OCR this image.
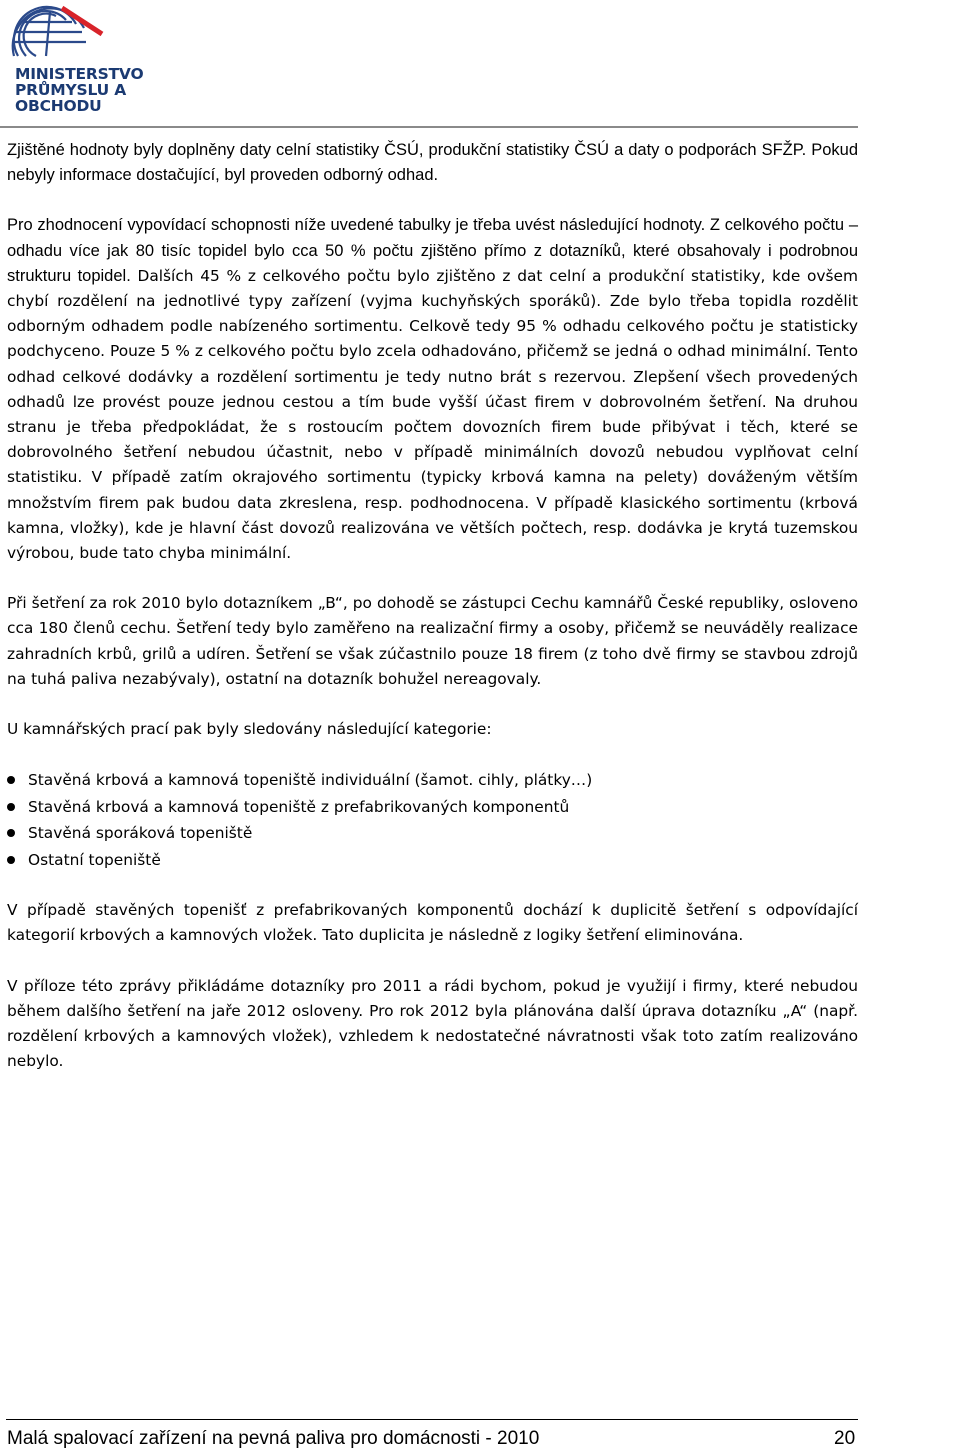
MINISTERSTVO
PRŮMYSLU A OBCHODU

Zjištěné hodnoty byly doplněny daty celní statistiky ČSÚ, produkční statistiky ČSÚ a daty o podporách SFŽP. Pokud nebyly informace dostačující, byl proveden odborný odhad.

Pro zhodnocení vypovídací schopnosti níže uvedené tabulky je třeba uvést následující hodnoty. Z celkového počtu – odhadu více jak 80 tisíc topidel bylo cca 50 % počtu zjištěno přímo z dotazníků, které obsahovaly i podrobnou strukturu topidel. Dalších 45 % z celkového počtu bylo zjištěno z dat celní a produkční statistiky, kde ovšem chybí rozdělení na jednotlivé typy zařízení (vyjma kuchyňských sporáků). Zde bylo třeba topidla rozdělit odborným odhadem podle nabízeného sortimentu. Celkově tedy 95 % odhadu celkového počtu je statisticky podchyceno. Pouze 5 % z celkového počtu bylo zcela odhadováno, přičemž se jedná o odhad minimální. Tento odhad celkové dodávky a rozdělení sortimentu je tedy nutno brát s rezervou. Zlepšení všech provedených odhadů lze provést pouze jednou cestou a tím bude vyšší účast firem v dobrovolném šetření. Na druhou stranu je třeba předpokládat, že s rostoucím počtem dovozních firem bude přibývat i těch, které se dobrovolného šetření nebudou účastnit, nebo v případě minimálních dovozů nebudou vyplňovat celní statistiku. V případě zatím okrajového sortimentu (typicky krbová kamna na pelety) dováženým větším množstvím firem pak budou data zkreslena, resp. podhodnocena. V případě klasického sortimentu (krbová kamna, vložky), kde je hlavní část dovozů realizována ve větších počtech, resp. dodávka je krytá tuzemskou výrobou, bude tato chyba minimální.

Při šetření za rok 2010 bylo dotazníkem „B“, po dohodě se zástupci Cechu kamnářů České republiky, osloveno cca 180 členů cechu. Šetření tedy bylo zaměřeno na realizační firmy a osoby, přičemž se neuváděly realizace zahradních krbů, grilů a udíren. Šetření se však zúčastnilo pouze 18 firem (z toho dvě firmy se stavbou zdrojů na tuhá paliva nezabývaly), ostatní na dotazník bohužel nereagovaly.

U kamnářských prací pak byly sledovány následující kategorie:

Stavěná krbová a kamnová topeniště individuální (šamot. cihly, plátky…)
Stavěná krbová a kamnová topeniště z prefabrikovaných komponentů
Stavěná sporáková topeniště
Ostatní topeniště

V případě stavěných topenišť z prefabrikovaných komponentů dochází k duplicitě šetření s odpovídající kategorií krbových a kamnových vložek. Tato duplicita je následně z logiky šetření eliminována.

V příloze této zprávy přikládáme dotazníky pro 2011 a rádi bychom, pokud je využijí i firmy, které nebudou během dalšího šetření na jaře 2012 osloveny. Pro rok 2012 byla plánována další úprava dotazníku „A“ (např. rozdělení krbových a kamnových vložek), vzhledem k nedostatečné návratnosti však toto zatím realizováno nebylo.

Malá spalovací zařízení na pevná paliva pro domácnosti - 2010	20
